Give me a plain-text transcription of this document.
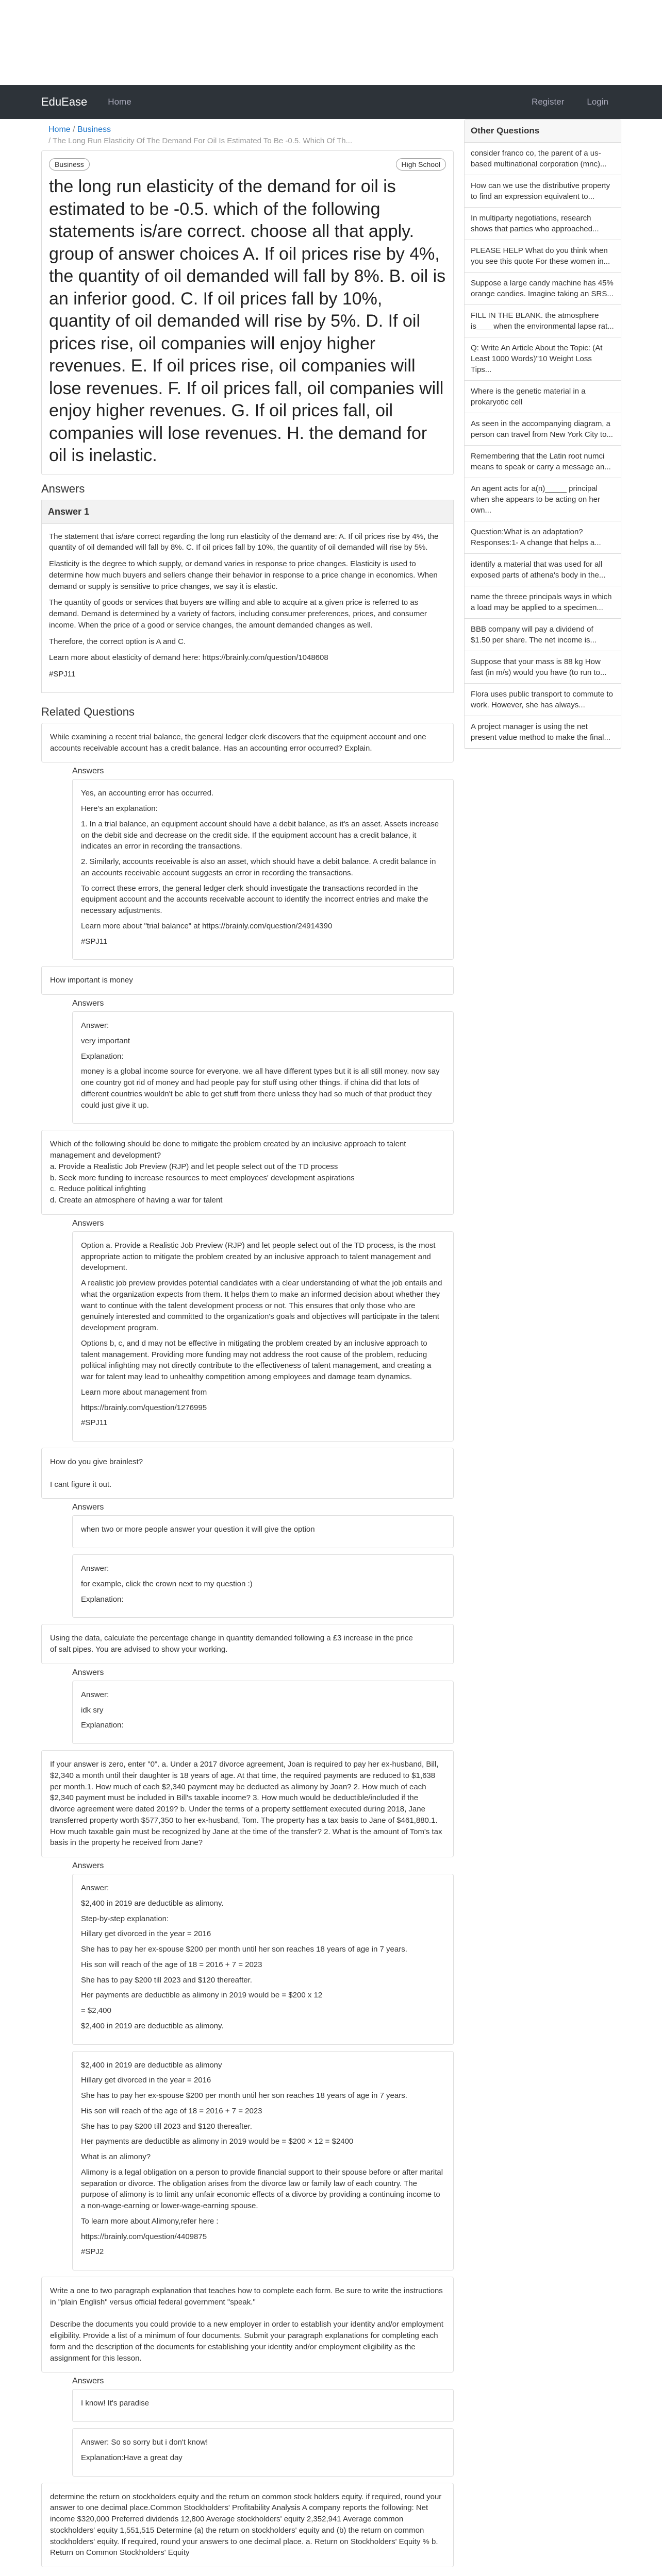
EduEase Home	Register	Login
Home / Business
/ The Long Run Elasticity Of The Demand For Oil Is Estimated To Be -0.5. Which Of Th...
Business	High School
the long run elasticity of the demand for oil is estimated to be -0.5. which of the following statements is/are correct. choose all that apply. group of answer choices A. If oil prices rise by 4%, the quantity of oil demanded will fall by 8%. B. oil is an inferior good. C. If oil prices fall by 10%, quantity of oil demanded will rise by 5%. D. If oil prices rise, oil companies will enjoy higher revenues. E. If oil prices rise, oil companies will lose revenues. F. If oil prices fall, oil companies will enjoy higher revenues. G. If oil prices fall, oil companies will lose revenues. H. the demand for oil is inelastic.
Answers
Answer 1

The statement that is/are correct regarding the long run elasticity of the demand are: A. If oil prices rise by 4%, the quantity of oil demanded will fall by 8%. C. If oil prices fall by 10%, the quantity of oil demanded will rise by 5%.

Elasticity is the degree to which supply, or demand varies in response to price changes. Elasticity is used to determine how much buyers and sellers change their behavior in response to a price change in economics. When demand or supply is sensitive to price changes, we say it is elastic.

The quantity of goods or services that buyers are willing and able to acquire at a given price is referred to as demand. Demand is determined by a variety of factors, including consumer preferences, prices, and consumer income. When the price of a good or service changes, the amount demanded changes as well.

Therefore, the correct option is A and C.

Learn more about elasticity of demand here: https://brainly.com/question/1048608

#SPJ11

Related Questions
While examining a recent trial balance, the general ledger clerk discovers that the equipment account and one accounts receivable account has a credit balance. Has an accounting error occurred? Explain.
Answers

Yes, an accounting error has occurred.

Here's an explanation:

1. In a trial balance, an equipment account should have a debit balance, as it's an asset. Assets increase on the debit side and decrease on the credit side. If the equipment account has a credit balance, it indicates an error in recording the transactions.

2. Similarly, accounts receivable is also an asset, which should have a debit balance. A credit balance in an accounts receivable account suggests an error in recording the transactions.

To correct these errors, the general ledger clerk should investigate the transactions recorded in the equipment account and the accounts receivable account to identify the incorrect entries and make the necessary adjustments.

Learn more about "trial balance" at https://brainly.com/question/24914390

#SPJ11

How important is money
Answers

Answer:

very important

Explanation:

money is a global income source for everyone. we all have different types but it is all still money. now say one country got rid of money and had people pay for stuff using other things. if china did that lots of different countries wouldn't be able to get stuff from there unless they had so much of that product they could just give it up.

Which of the following should be done to mitigate the problem created by an inclusive approach to talent management and development?
a. Provide a Realistic Job Preview (RJP) and let people select out of the TD process
b. Seek more funding to increase resources to meet employees' development aspirations
c. Reduce political infighting
d. Create an atmosphere of having a war for talent
Answers

Option a. Provide a Realistic Job Preview (RJP) and let people select out of the TD process, is the most appropriate action to mitigate the problem created by an inclusive approach to talent management and development.

A realistic job preview provides potential candidates with a clear understanding of what the job entails and what the organization expects from them. It helps them to make an informed decision about whether they want to continue with the talent development process or not. This ensures that only those who are genuinely interested and committed to the organization's goals and objectives will participate in the talent development program.

Options b, c, and d may not be effective in mitigating the problem created by an inclusive approach to talent management. Providing more funding may not address the root cause of the problem, reducing political infighting may not directly contribute to the effectiveness of talent management, and creating a war for talent may lead to unhealthy competition among employees and damage team dynamics.

Learn more about management from

https://brainly.com/question/1276995

#SPJ11

How do you give brainlest?

I cant figure it out.
Answers

when two or more people answer your question it will give the option

Answer:

for example, click the crown next to my question :)

Explanation:

Using the data, calculate the percentage change in quantity demanded following a £3 increase in the price
of salt pipes. You are advised to show your working.
Answers

Answer:

idk sry

Explanation:

If your answer is zero, enter "0". a. Under a 2017 divorce agreement, Joan is required to pay her ex-husband, Bill, $2,340 a month until their daughter is 18 years of age. At that time, the required payments are reduced to $1,638 per month.1. How much of each $2,340 payment may be deducted as alimony by Joan? 2. How much of each $2,340 payment must be included in Bill's taxable income? 3. How much would be deductible/included if the divorce agreement were dated 2019? b. Under the terms of a property settlement executed during 2018, Jane transferred property worth $577,350 to her ex-husband, Tom. The property has a tax basis to Jane of $461,880.1. How much taxable gain must be recognized by Jane at the time of the transfer? 2. What is the amount of Tom's tax basis in the property he received from Jane?
Answers

Answer:

$2,400 in 2019 are deductible as alimony.

Step-by-step explanation:

Hillary get divorced in the year = 2016

She has to pay her ex-spouse $200 per month until her son reaches 18 years of age in 7 years.

His son will reach of the age of 18 = 2016 + 7 = 2023

She has to pay $200 till 2023 and $120 thereafter.

Her payments are deductible as alimony in 2019 would be = $200 x 12

= $2,400

$2,400 in 2019 are deductible as alimony.

$2,400 in 2019 are deductible as alimony

Hillary get divorced in the year = 2016

She has to pay her ex-spouse $200 per month until her son reaches 18 years of age in 7 years.

His son will reach of the age of 18 = 2016 + 7 = 2023

She has to pay $200 till 2023 and $120 thereafter.

Her payments are deductible as alimony in 2019 would be = $200 × 12 = $2400

What is an alimony?

Alimony is a legal obligation on a person to provide financial support to their spouse before or after marital separation or divorce. The obligation arises from the divorce law or family law of each country. The purpose of alimony is to limit any unfair economic effects of a divorce by providing a continuing income to a non-wage-earning or lower-wage-earning spouse.

To learn more about Alimony,refer here :

https://brainly.com/question/4409875

#SPJ2

Write a one to two paragraph explanation that teaches how to complete each form. Be sure to write the instructions in "plain English" versus official federal government "speak."

Describe the documents you could provide to a new employer in order to establish your identity and/or employment eligibility. Provide a list of a minimum of four documents. Submit your paragraph explanations for completing each form and the description of the documents for establishing your identity and/or employment eligibility as the assignment for this lesson.
Answers

I know! It's paradise

Answer: So so sorry but i don't know!

Explanation:Have a great day

determine the return on stockholders equity and the return on common stock holders equity. if required, round your answer to one decimal place.Common Stockholders' Profitability Analysis A company reports the following: Net income $320,000 Preferred dividends 12,800 Average stockholders' equity 2,352,941 Average common stockholders' equity 1,551,515 Determine (a) the return on stockholders' equity and (b) the return on common stockholders' equity. If required, round your answers to one decimal place. a. Return on Stockholders' Equity % b. Return on Common Stockholders' Equity
Other Questions
consider franco co, the parent of a us-based multinational corporation (mnc)...
How can we use the distributive property to find an expression equivalent to...
In multiparty negotiations, research shows that parties who approached...
PLEASE HELP What do you think when you see this quote For these women in...
Suppose a large candy machine has 45% orange candies. Imagine taking an SRS...
FILL IN THE BLANK. the atmosphere is____when the environmental lapse rat...
Q: Write An Article About the Topic: (At Least 1000 Words)"10 Weight Loss Tips...
Where is the genetic material in a prokaryotic cell
As seen in the accompanying diagram, a person can travel from New York City to...
Remembering that the Latin root numci means to speak or carry a message an...
An agent acts for a(n)_____ principal when she appears to be acting on her own...
Question:What is an adaptation? Responses:1- A change that helps a...
identify a material that was used for all exposed parts of athena's body in the...
name the threee principals ways in which a load may be applied to a specimen...
BBB company will pay a dividend of $1.50 per share. The net income is...
Suppose that your mass is 88 kg How fast (in m/s) would you have (to run to...
Flora uses public transport to commute to work. However, she has always...
A project manager is using the net present value method to make the final...
